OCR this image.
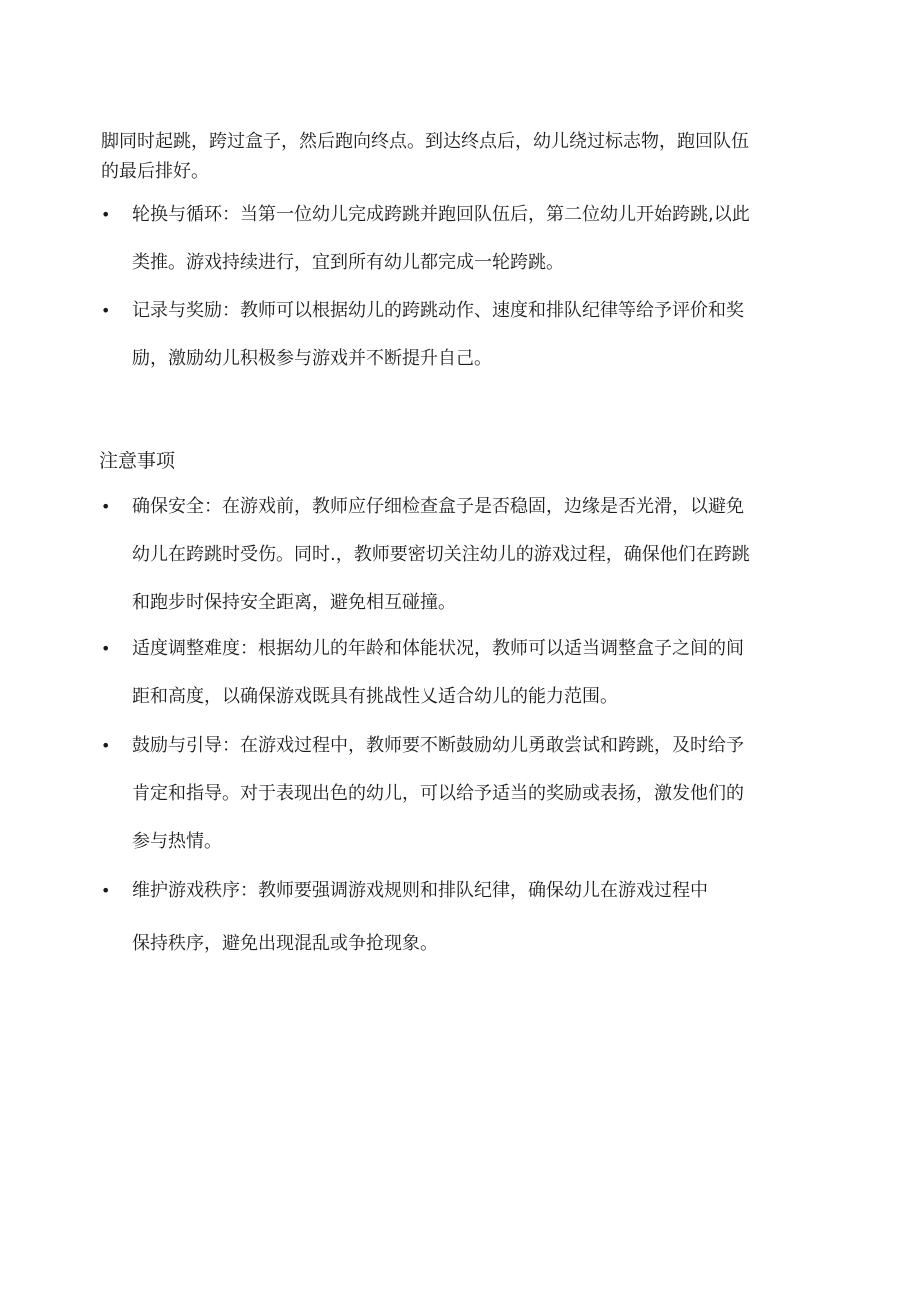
脚同时起跳，跨过盒子，然后跑向终点。到达终点后，幼儿绕过标志物，跑回队伍
的最后排好。

• 轮换与循环：当第一位幼儿完成跨跳并跑回队伍后，第二位幼儿开始跨跳,以此
类推。游戏持续进行，宜到所有幼儿都完成一轮跨跳。
• 记录与奖励：教师可以根据幼儿的跨跳动作、速度和排队纪律等给予评价和奖
励，激励幼儿积极参与游戏并不断提升自己。
注意事项
• 确保安全：在游戏前，教师应仔细检查盒子是否稳固，边缘是否光滑，以避免
幼儿在跨跳时受伤。同时.，教师要密切关注幼儿的游戏过程，确保他们在跨跳
和跑步时保持安全距离，避免相互碰撞。
• 适度调整难度：根据幼儿的年龄和体能状况，教师可以适当调整盒子之间的间
距和高度，以确保游戏既具有挑战性乂适合幼儿的能力范围。
• 鼓励与引导：在游戏过程中，教师要不断鼓励幼儿勇敢尝试和跨跳，及时给予
肯定和指导。对于表现出色的幼儿，可以给予适当的奖励或表扬，激发他们的
参与热情。
• 维护游戏秩序：教师要强调游戏规则和排队纪律，确保幼儿在游戏过程中
保持秩序，避免出现混乱或争抢现象。
